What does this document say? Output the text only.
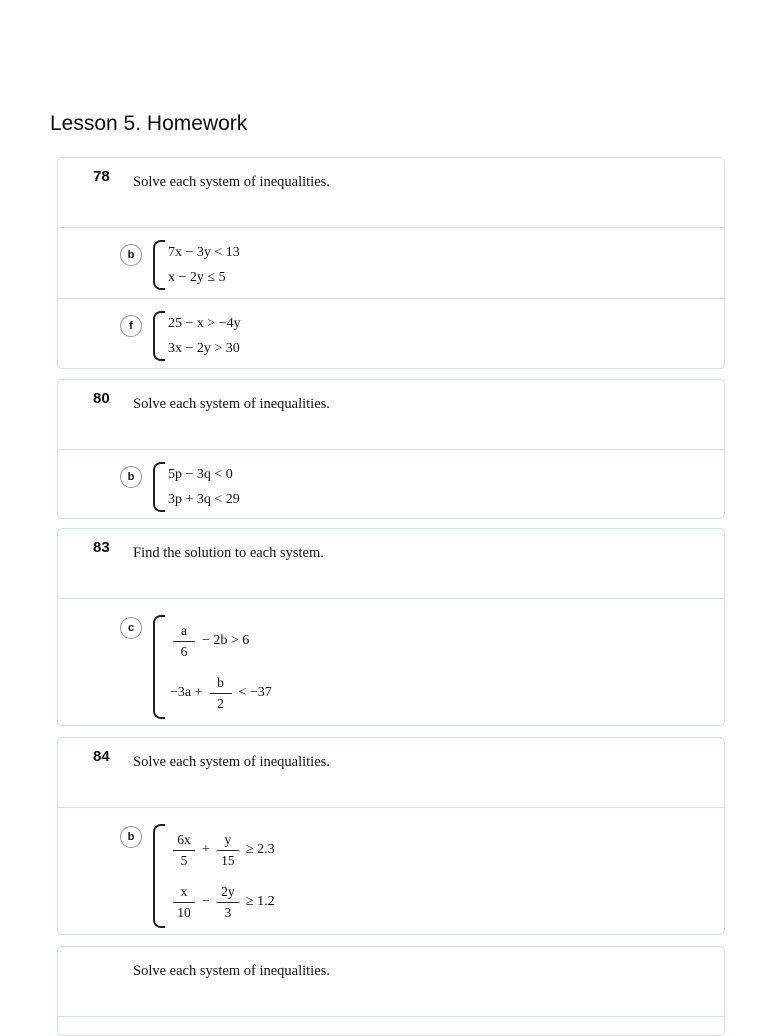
Lesson 5. Homework
78 Solve each system of inequalities.
b	7x − 3y < 13
x − 2y ≤ 5
f	25 − x > −4y
3x − 2y > 30
80 Solve each system of inequalities.
b	5p − 3q < 0
3p + 3q < 29
83 Find the solution to each system.
c	$\frac{a}{6} - 2b > 6$
$-3a + \frac{b}{2} < -37$
84 Solve each system of inequalities.
b	$\frac{6x}{5} + \frac{y}{15} \ge 2.3$
$\frac{x}{10} - \frac{2y}{3} \ge 1.2$
Solve each system of inequalities.
